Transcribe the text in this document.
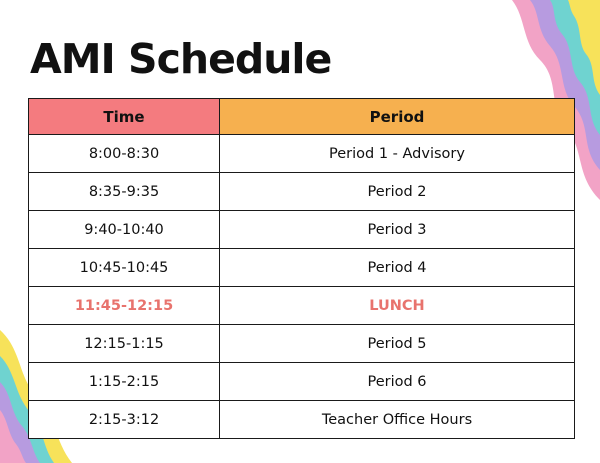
AMI Schedule
Time	Period
8:00-8:30	Period 1 - Advisory
8:35-9:35	Period 2
9:40-10:40	Period 3
10:45-10:45	Period 4
11:45-12:15	LUNCH
12:15-1:15	Period 5
1:15-2:15	Period 6
2:15-3:12	Teacher Office Hours
